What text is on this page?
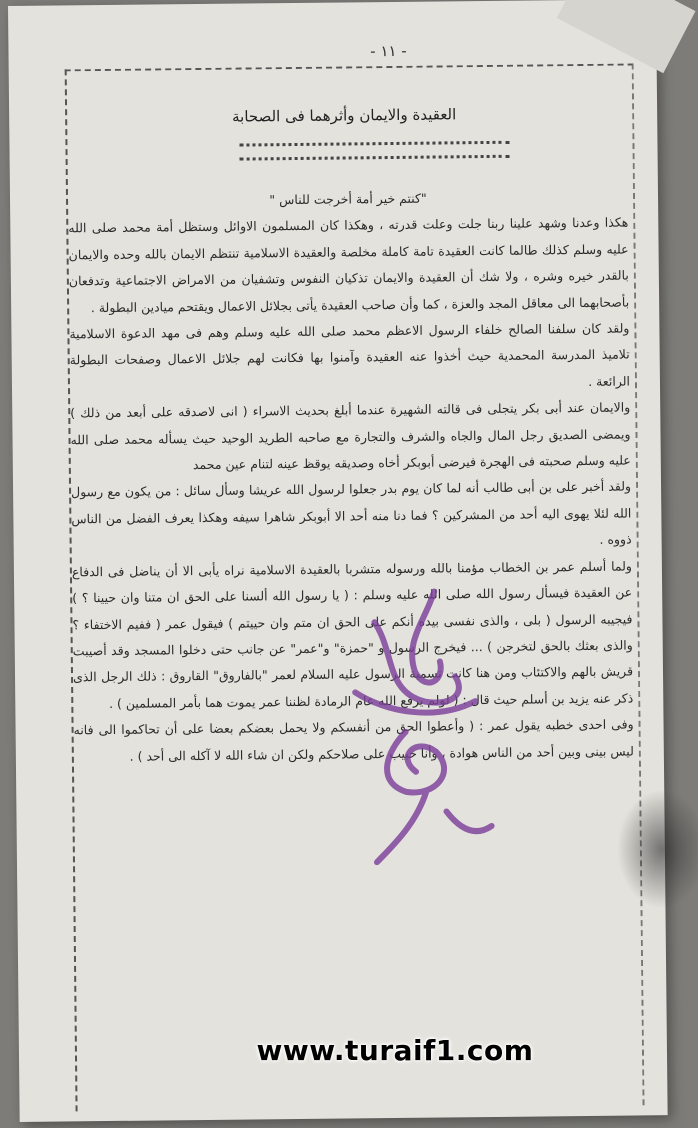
- ١١ -
العقيدة والايمان وأثرهما فى الصحابة

"كنتم خير أمة أخرجت للناس "

هكذا وعدنا وشهد علينا ربنا جلت وعلت قدرته ، وهكذا كان المسلمون الاوائل وستظل أمة محمد صلى الله عليه وسلم كذلك طالما كانت العقيدة تامة كاملة مخلصة والعقيدة الاسلامية تنتظم الايمان بالله وحده والايمان بالقدر خيره وشره ، ولا شك أن العقيدة والايمان تذكيان النفوس وتشفيان من الامراض الاجتماعية وتدفعان بأصحابهما الى معاقل المجد والعزة ، كما وأن صاحب العقيدة يأتى بجلائل الاعمال ويقتحم ميادين البطولة .

ولقد كان سلفنا الصالح خلفاء الرسول الاعظم محمد صلى الله عليه وسلم وهم فى مهد الدعوة الاسلامية تلاميذ المدرسة المحمدية حيث أخذوا عنه العقيدة وآمنوا بها فكانت لهم جلائل الاعمال وصفحات البطولة الرائعة .

والايمان عند أبى بكر يتجلى فى قالته الشهيرة عندما أبلغ بحديث الاسراء ( انى لاصدقه على أبعد من ذلك ) ويمضى الصديق رجل المال والجاه والشرف والتجارة مع صاحبه الطريد الوحيد حيث يسأله محمد صلى الله عليه وسلم صحبته فى الهجرة فيرضى أبوبكر أخاه وصديقه يوقظ عينه لتنام عين محمد

ولقد أخبر على بن أبى طالب أنه لما كان يوم بدر جعلوا لرسول الله عريشا وسأل سائل : من يكون مع رسول الله لئلا يهوى اليه أحد من المشركين ؟ فما دنا منه أحد الا أبوبكر شاهرا سيفه وهكذا يعرف الفضل من الناس ذووه .

ولما أسلم عمر بن الخطاب مؤمنا بالله ورسوله متشربا بالعقيدة الاسلامية نراه يأبى الا أن يناضل فى الدفاع عن العقيدة فيسأل رسول الله صلى الله عليه وسلم : ( يا رسول الله ألسنا على الحق ان متنا وان حيينا ؟ ) فيجيبه الرسول ( بلى ، والذى نفسى بيده أنكم على الحق ان متم وان حييتم ) فيقول عمر ( ففيم الاختفاء ؟ والذى بعثك بالحق لتخرجن ) ... فيخرج الرسول و "حمزة" و"عمر" عن جانب حتى دخلوا المسجد وقد أصيبت قريش بالهم والاكتئاب ومن هنا كانت تسمية الرسول عليه السلام لعمر "بالفاروق" القاروق : ذلك الرجل الذى ذكر عنه يزيد بن أسلم حيث قال : ( لولم يرفع الله عام الرمادة لظننا عمر يموت هما بأمر المسلمين ) .

وفى احدى خطبه يقول عمر : ( وأعطوا الحق من أنفسكم ولا يحمل بعضكم بعضا على أن تحاكموا الى فانه ليس بينى وبين أحد من الناس هوادة ، وأنا حبيب على صلاحكم ولكن ان شاء الله لا آكله الى أحد ) .

www.turaif1.com
